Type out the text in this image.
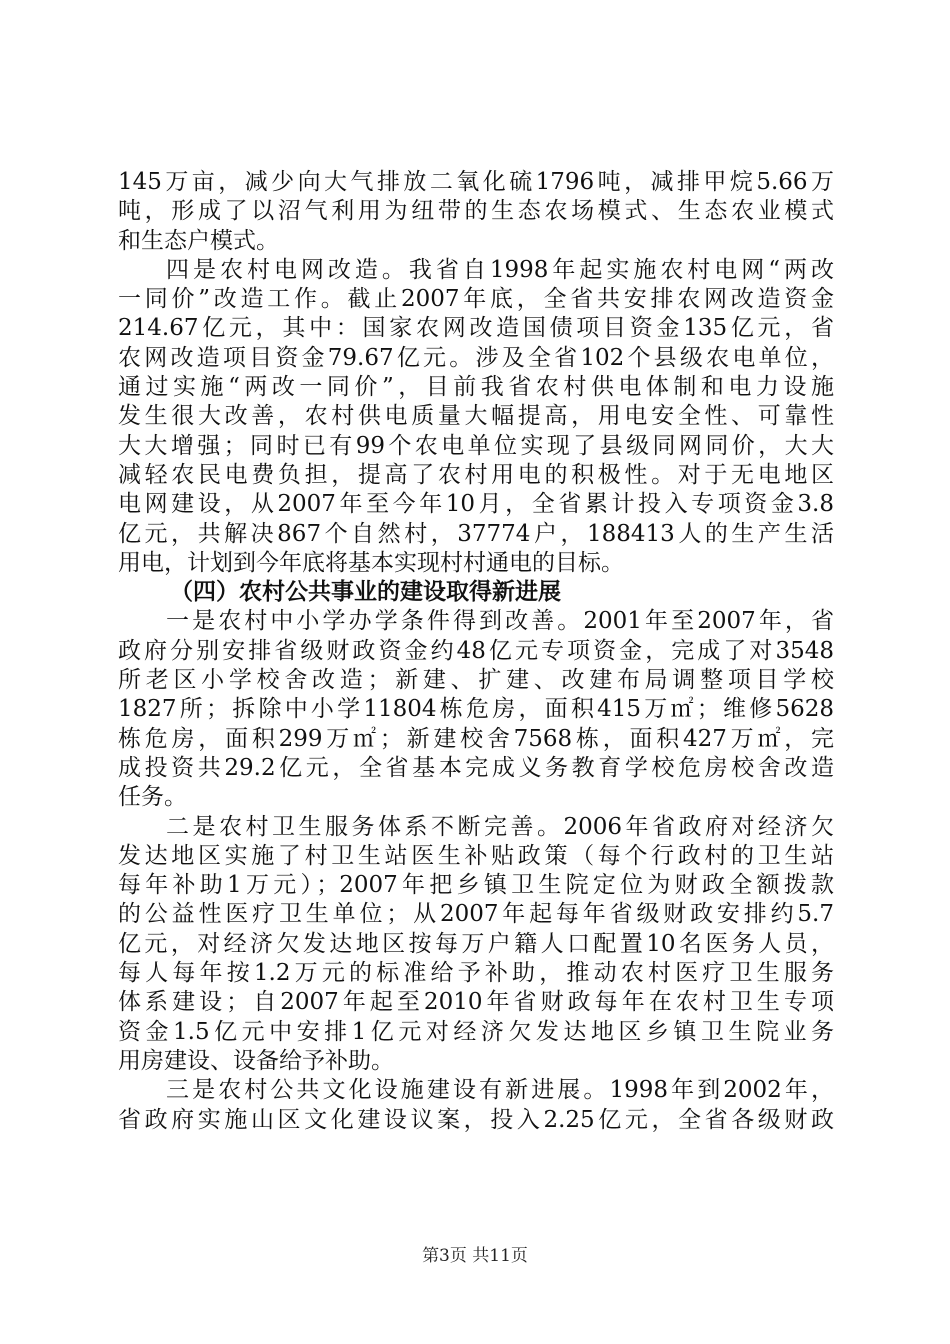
145万亩，减少向大气排放二氧化硫1796吨，减排甲烷5.66万
吨，形成了以沼气利用为纽带的生态农场模式、生态农业模式
和生态户模式。
四是农村电网改造。我省自1998年起实施农村电网“两改
一同价”改造工作。截止2007年底，全省共安排农网改造资金
214.67亿元，其中：国家农网改造国债项目资金135亿元，省
农网改造项目资金79.67亿元。涉及全省102个县级农电单位，
通过实施“两改一同价”，目前我省农村供电体制和电力设施
发生很大改善，农村供电质量大幅提高，用电安全性、可靠性
大大增强；同时已有99个农电单位实现了县级同网同价，大大
减轻农民电费负担，提高了农村用电的积极性。对于无电地区
电网建设，从2007年至今年10月，全省累计投入专项资金3.8
亿元，共解决867个自然村，37774户，188413人的生产生活
用电，计划到今年底将基本实现村村通电的目标。
（四）农村公共事业的建设取得新进展
一是农村中小学办学条件得到改善。2001年至2007年，省
政府分别安排省级财政资金约48亿元专项资金，完成了对3548
所老区小学校舍改造；新建、扩建、改建布局调整项目学校
1827所；拆除中小学11804栋危房，面积415万㎡；维修5628
栋危房，面积299万㎡；新建校舍7568栋，面积427万㎡，完
成投资共29.2亿元，全省基本完成义务教育学校危房校舍改造
任务。
二是农村卫生服务体系不断完善。2006年省政府对经济欠
发达地区实施了村卫生站医生补贴政策（每个行政村的卫生站
每年补助1万元）；2007年把乡镇卫生院定位为财政全额拨款
的公益性医疗卫生单位；从2007年起每年省级财政安排约5.7
亿元，对经济欠发达地区按每万户籍人口配置10名医务人员，
每人每年按1.2万元的标准给予补助，推动农村医疗卫生服务
体系建设；自2007年起至2010年省财政每年在农村卫生专项
资金1.5亿元中安排1亿元对经济欠发达地区乡镇卫生院业务
用房建设、设备给予补助。
三是农村公共文化设施建设有新进展。1998年到2002年，
省政府实施山区文化建设议案，投入2.25亿元，全省各级财政
第3页 共11页
